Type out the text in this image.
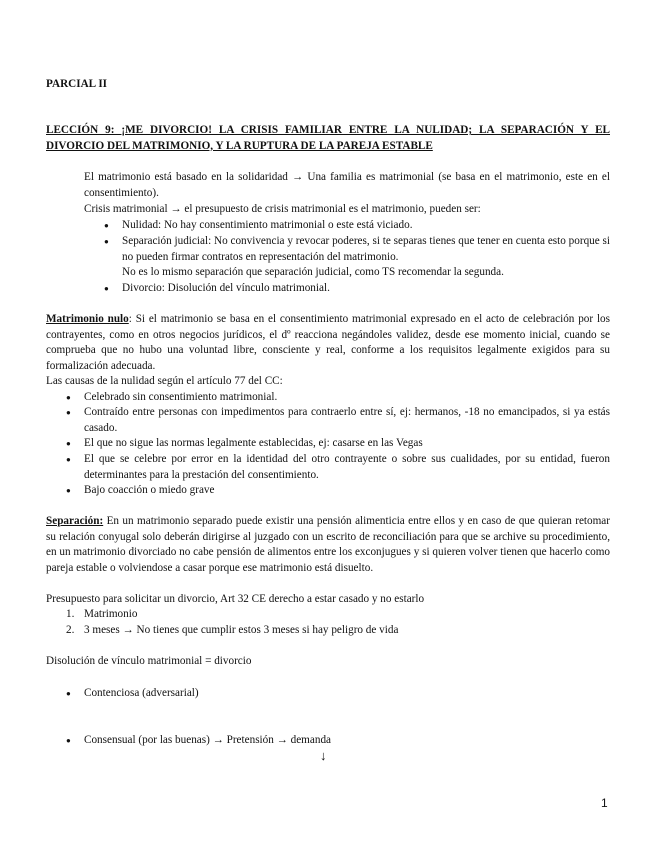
PARCIAL II
LECCIÓN 9: ¡ME DIVORCIO! LA CRISIS FAMILIAR ENTRE LA NULIDAD; LA SEPARACIÓN Y EL DIVORCIO DEL MATRIMONIO, Y LA RUPTURA DE LA PAREJA ESTABLE
El matrimonio está basado en la solidaridad → Una familia es matrimonial (se basa en el matrimonio, este en el consentimiento).
Crisis matrimonial → el presupuesto de crisis matrimonial es el matrimonio, pueden ser:
●
Nulidad: No hay consentimiento matrimonial o este está viciado.
●
Separación judicial: No convivencia y revocar poderes, si te separas tienes que tener en cuenta esto porque si no pueden firmar contratos en representación del matrimonio.
No es lo mismo separación que separación judicial, como TS recomendar la segunda.
●
Divorcio: Disolución del vínculo matrimonial.
Matrimonio nulo: Si el matrimonio se basa en el consentimiento matrimonial expresado en el acto de celebración por los contrayentes, como en otros negocios jurídicos, el dº reacciona negándoles validez, desde ese momento inicial, cuando se comprueba que no hubo una voluntad libre, consciente y real, conforme a los requisitos legalmente exigidos para su formalización adecuada.
Las causas de la nulidad según el artículo 77 del CC:
●
Celebrado sin consentimiento matrimonial.
●
Contraído entre personas con impedimentos para contraerlo entre sí, ej: hermanos, -18 no emancipados, si ya estás casado.
●
El que no sigue las normas legalmente establecidas, ej: casarse en las Vegas
●
El que se celebre por error en la identidad del otro contrayente o sobre sus cualidades, por su entidad, fueron determinantes para la prestación del consentimiento.
●
Bajo coacción o miedo grave
Separación: En un matrimonio separado puede existir una pensión alimenticia entre ellos y en caso de que quieran retomar su relación conyugal solo deberán dirigirse al juzgado con un escrito de reconciliación para que se archive su procedimiento, en un matrimonio divorciado no cabe pensión de alimentos entre los exconjugues y si quieren volver tienen que hacerlo como pareja estable o volviendose a casar porque ese matrimonio está disuelto.
Presupuesto para solicitar un divorcio, Art 32 CE derecho a estar casado y no estarlo
1. Matrimonio
2. 3 meses → No tienes que cumplir estos 3 meses si hay peligro de vida
Disolución de vínculo matrimonial = divorcio
●
Contenciosa (adversarial)
●
Consensual (por las buenas) → Pretensión → demanda
↓
1
